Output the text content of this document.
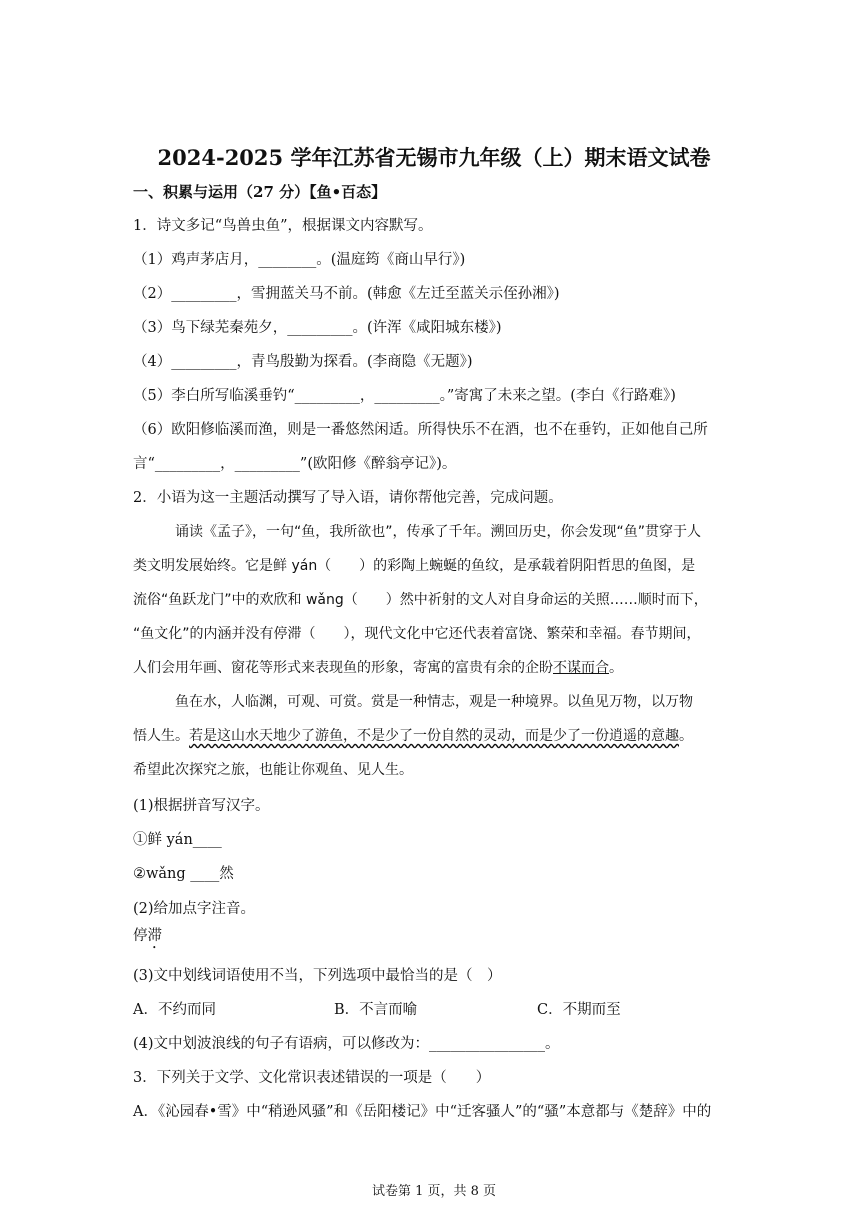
2024-2025 学年江苏省无锡市九年级（上）期末语文试卷
一、积累与运用（27 分）【鱼•百态】
1．诗文多记“鸟兽虫鱼”，根据课文内容默写。
（1）鸡声茅店月，________。(温庭筠《商山早行》)
（2）_________，雪拥蓝关马不前。(韩愈《左迁至蓝关示侄孙湘》)
（3）鸟下绿芜秦苑夕，_________。(许浑《咸阳城东楼》)
（4）_________，青鸟殷勤为探看。(李商隐《无题》)
（5）李白所写临溪垂钓“_________，_________。”寄寓了未来之望。(李白《行路难》)
（6）欧阳修临溪而渔，则是一番悠然闲适。所得快乐不在酒，也不在垂钓，正如他自己所
言“_________，_________”(欧阳修《醉翁亭记》)。
2．小语为这一主题活动撰写了导入语，请你帮他完善，完成问题。
诵读《孟子》，一句“鱼，我所欲也”，传承了千年。溯回历史，你会发现“鱼”贯穿于人
类文明发展始终。它是鲜 yán（　　）的彩陶上蜿蜒的鱼纹，是承载着阴阳哲思的鱼图，是
流俗“鱼跃龙门”中的欢欣和 wǎng（　　）然中祈射的文人对自身命运的关照……顺时而下，
“鱼文化”的内涵并没有停滞（　　），现代文化中它还代表着富饶、繁荣和幸福。春节期间，
人们会用年画、窗花等形式来表现鱼的形象，寄寓的富贵有余的企盼不谋而合。
鱼在水，人临渊，可观、可赏。赏是一种情志，观是一种境界。以鱼见万物，以万物
悟人生。若是这山水天地少了游鱼，不是少了一份自然的灵动，而是少了一份逍遥的意趣。
希望此次探究之旅，也能让你观鱼、见人生。
(1)根据拼音写汉字。
①鲜 yán____
②wǎng ____然
(2)给加点字注音。
停滞
(3)文中划线词语使用不当，下列选项中最恰当的是（　）
A．不约而同	B．不言而喻	C．不期而至
(4)文中划波浪线的句子有语病，可以修改为：________________。
3．下列关于文学、文化常识表述错误的一项是（　　）
A．《沁园春•雪》中“稍逊风骚”和《岳阳楼记》中“迁客骚人”的“骚”本意都与《楚辞》中的
试卷第 1 页，共 8 页
